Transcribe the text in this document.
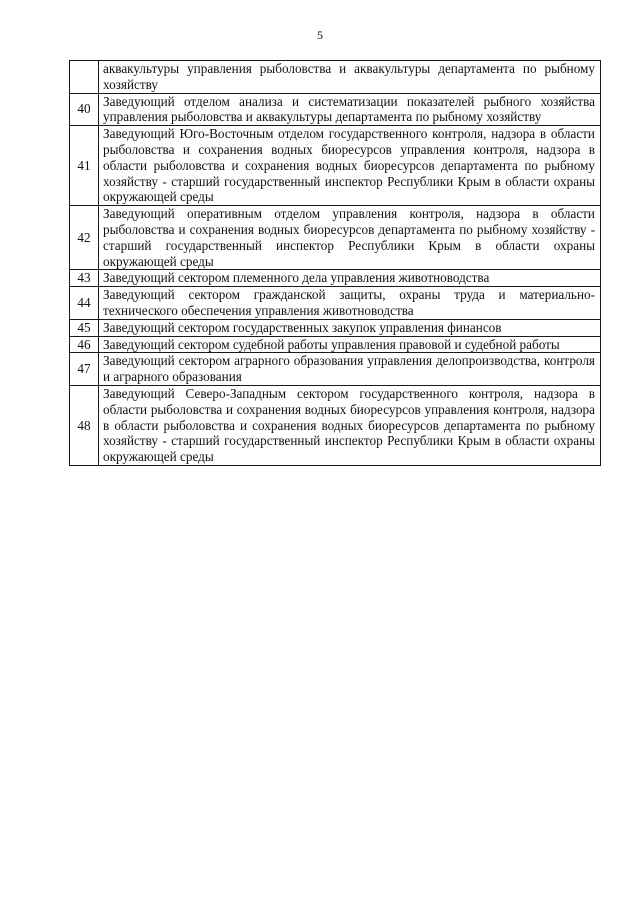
5
	аквакультуры управления рыболовства и аквакультуры департамента по рыбному хозяйству
40	Заведующий отделом анализа и систематизации показателей рыбного хозяйства управления рыболовства и аквакультуры департамента по рыбному хозяйству
41	Заведующий Юго-Восточным отделом государственного контроля, надзора в области рыболовства и сохранения водных биоресурсов управления контроля, надзора в области рыболовства и сохранения водных биоресурсов департамента по рыбному хозяйству - старший государственный инспектор Республики Крым в области охраны окружающей среды
42	Заведующий оперативным отделом управления контроля, надзора в области рыболовства и сохранения водных биоресурсов департамента по рыбному хозяйству - старший государственный инспектор Республики Крым в области охраны окружающей среды
43	Заведующий сектором племенного дела управления животноводства
44	Заведующий сектором гражданской защиты, охраны труда и материально-технического обеспечения управления животноводства
45	Заведующий сектором государственных закупок управления финансов
46	Заведующий сектором судебной работы управления правовой и судебной работы
47	Заведующий сектором аграрного образования управления делопроизводства, контроля и аграрного образования
48	Заведующий Северо-Западным сектором государственного контроля, надзора в области рыболовства и сохранения водных биоресурсов управления контроля, надзора в области рыболовства и сохранения водных биоресурсов департамента по рыбному хозяйству - старший государственный инспектор Республики Крым в области охраны окружающей среды
